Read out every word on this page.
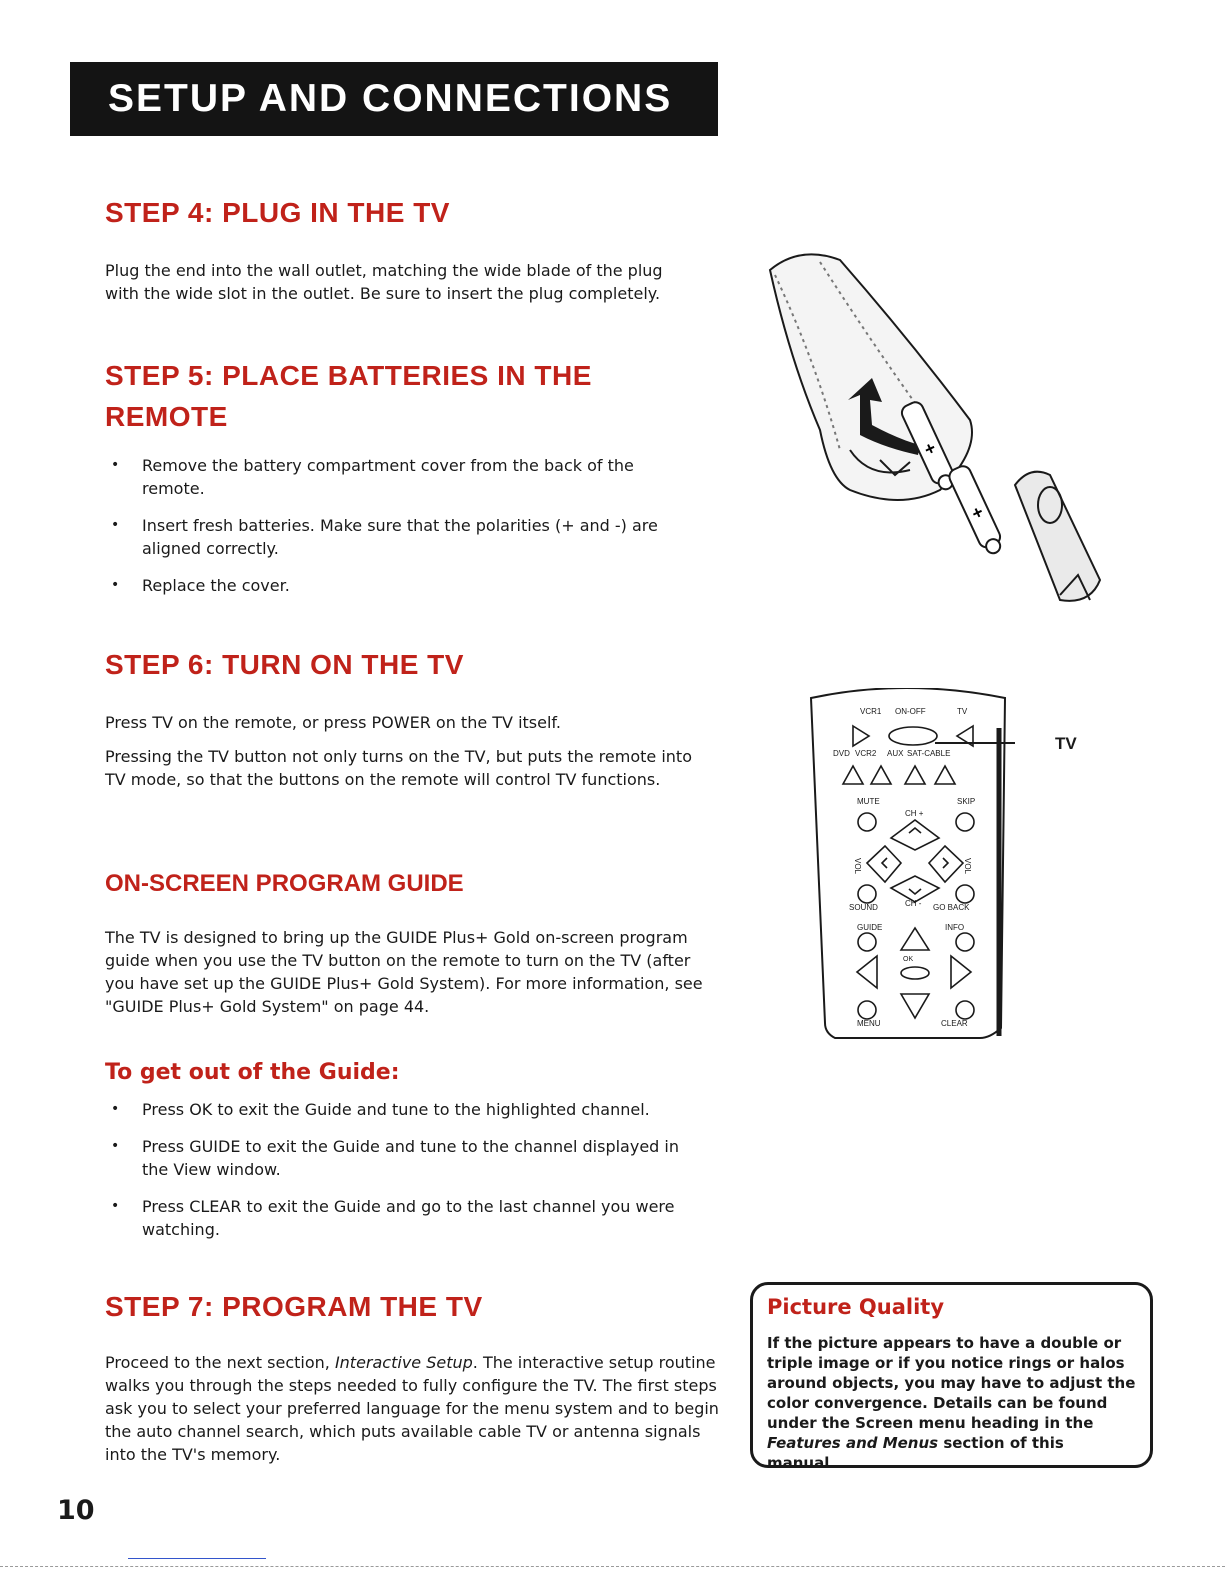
SETUP AND CONNECTIONS
STEP 4: PLUG IN THE TV

Plug the end into the wall outlet, matching the wide blade of the plug
with the wide slot in the outlet. Be sure to insert the plug completely.

STEP 5: PLACE BATTERIES IN THE
REMOTE
• Remove the battery compartment cover from the back of the remote.
• Insert fresh batteries. Make sure that the polarities (+ and -) are aligned correctly.
• Replace the cover.
+
+
STEP 6: TURN ON THE TV

Press TV on the remote, or press POWER on the TV itself.

Pressing the TV button not only turns on the TV, but puts the remote into TV mode, so that the buttons on the remote will control TV functions.

VCR1 ON-OFF	TV
DVD VCR2 AUX SAT-CABLE
MUTE	SKIP
CH +
CH -
SOUND	GO BACK
GUIDE	INFO
OK
MENU	CLEAR
VOL	VOL
TV
ON-SCREEN PROGRAM GUIDE

The TV is designed to bring up the GUIDE Plus+ Gold on-screen program guide when you use the TV button on the remote to turn on the TV (after you have set up the GUIDE Plus+ Gold System). For more information, see "GUIDE Plus+ Gold System" on page 44.

To get out of the Guide:
• Press OK to exit the Guide and tune to the highlighted channel.
• Press GUIDE to exit the Guide and tune to the channel displayed in the View window.
• Press CLEAR to exit the Guide and go to the last channel you were watching.
STEP 7: PROGRAM THE TV

Proceed to the next section, Interactive Setup. The interactive setup routine walks you through the steps needed to fully configure the TV. The first steps ask you to select your preferred language for the menu system and to begin the auto channel search, which puts available cable TV or antenna signals into the TV's memory.

Picture Quality

If the picture appears to have a double or triple image or if you notice rings or halos around objects, you may have to adjust the color convergence. Details can be found under the Screen menu heading in the Features and Menus section of this manual.

10
